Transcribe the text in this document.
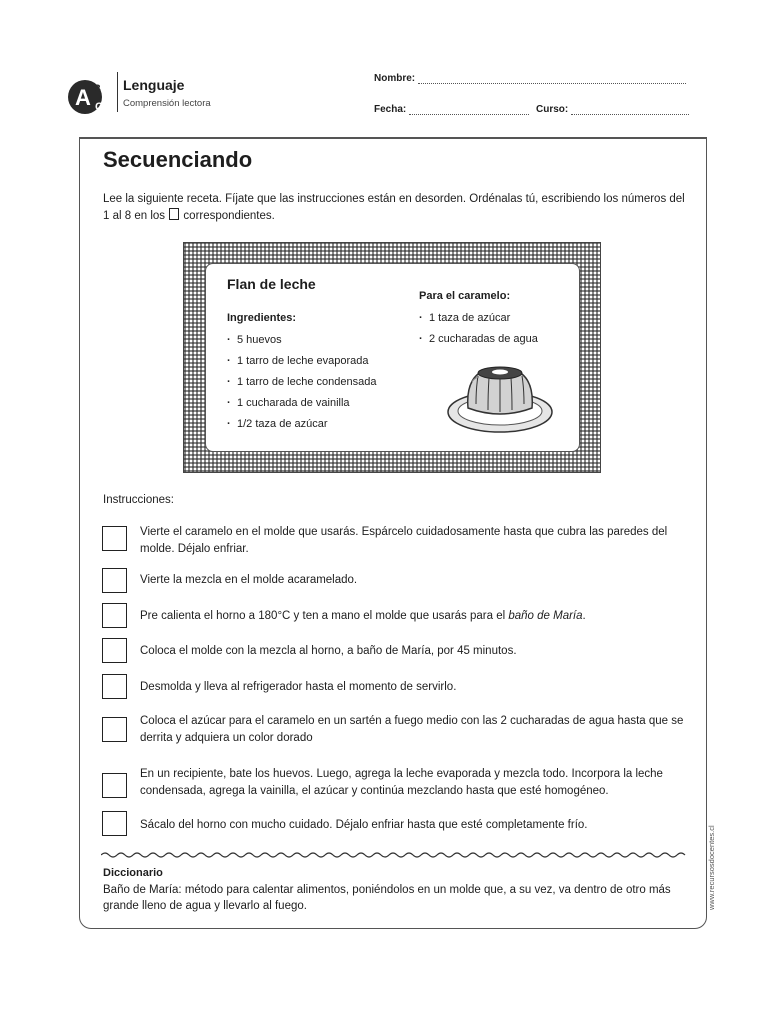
A B
C
Lenguaje
Comprensión lectora
Nombre:
Fecha:	Curso:
Secuenciando
Lee la siguiente receta. Fíjate que las instrucciones están en desorden. Ordénalas tú, escribiendo los números del 1 al 8 en los correspondientes.
Flan de leche
Ingredientes:
· 5 huevos
· 1 tarro de leche evaporada
· 1 tarro de leche condensada
· 1 cucharada de vainilla
· 1/2 taza de azúcar
Para el caramelo:
· 1 taza de azúcar
· 2 cucharadas de agua
Instrucciones:
Vierte el caramelo en el molde que usarás. Espárcelo cuidadosamente hasta que cubra las paredes del molde. Déjalo enfriar.
Vierte la mezcla en el molde acaramelado.
Pre calienta el horno a 180°C y ten a mano el molde que usarás para el baño de María.
Coloca el molde con la mezcla al horno, a baño de María, por 45 minutos.
Desmolda y lleva al refrigerador hasta el momento de servirlo.
Coloca el azúcar para el caramelo en un sartén a fuego medio con las 2 cucharadas de agua hasta que se derrita y adquiera un color dorado
En un recipiente, bate los huevos. Luego, agrega la leche evaporada y mezcla todo. Incorpora la leche condensada, agrega la vainilla, el azúcar y continúa mezclando hasta que esté homogéneo.
Sácalo del horno con mucho cuidado. Déjalo enfriar hasta que esté completamente frío.
Diccionario
Baño de María: método para calentar alimentos, poniéndolos en un molde que, a su vez, va dentro de otro más grande lleno de agua y llevarlo al fuego.	www.recursosdocentes.cl
